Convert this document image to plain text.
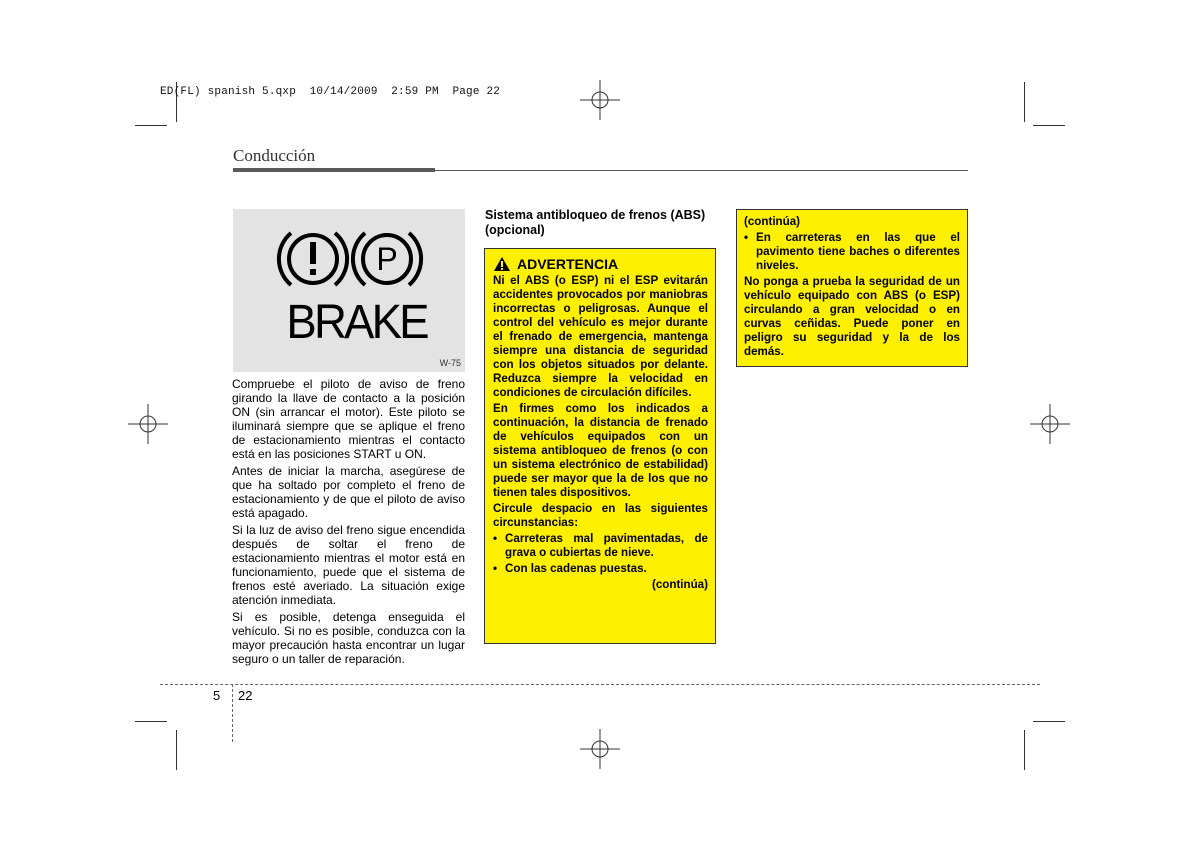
ED(FL) spanish 5.qxp  10/14/2009  2:59 PM  Page 22
Conducción
P
BRAKE
W-75

Compruebe el piloto de aviso de freno girando la llave de contacto a la posición ON (sin arrancar el motor). Este piloto se iluminará siempre que se aplique el freno de estacionamiento mientras el contacto está en las posiciones START u ON.

Antes de iniciar la marcha, asegúrese de que ha soltado por completo el freno de estacionamiento y de que el piloto de aviso está apagado.

Si la luz de aviso del freno sigue encendida después de soltar el freno de estacionamiento mientras el motor está en funcionamiento, puede que el sistema de frenos esté averiado. La situación exige atención inmediata.

Si es posible, detenga enseguida el vehículo. Si no es posible, conduzca con la mayor precaución hasta encontrar un lugar seguro o un taller de reparación.

Sistema antibloqueo de frenos (ABS) (opcional)
ADVERTENCIA

Ni el ABS (o ESP) ni el ESP evitarán accidentes provocados por maniobras incorrectas o peligrosas. Aunque el control del vehículo es mejor durante el frenado de emergencia, mantenga siempre una distancia de seguridad con los objetos situados por delante. Reduzca siempre la velocidad en condiciones de circulación difíciles.

En firmes como los indicados a continuación, la distancia de frenado de vehículos equipados con un sistema antibloqueo de frenos (o con un sistema electrónico de estabilidad) puede ser mayor que la de los que no tienen tales dispositivos.

Circule despacio en las siguientes circunstancias:

• Carreteras mal pavimentadas, de grava o cubiertas de nieve.
• Con las cadenas puestas.
(continúa)

(continúa)

• En carreteras en las que el pavimento tiene baches o diferentes niveles.

No ponga a prueba la seguridad de un vehículo equipado con ABS (o ESP) circulando a gran velocidad o en curvas ceñidas. Puede poner en peligro su seguridad y la de los demás.

5 22
